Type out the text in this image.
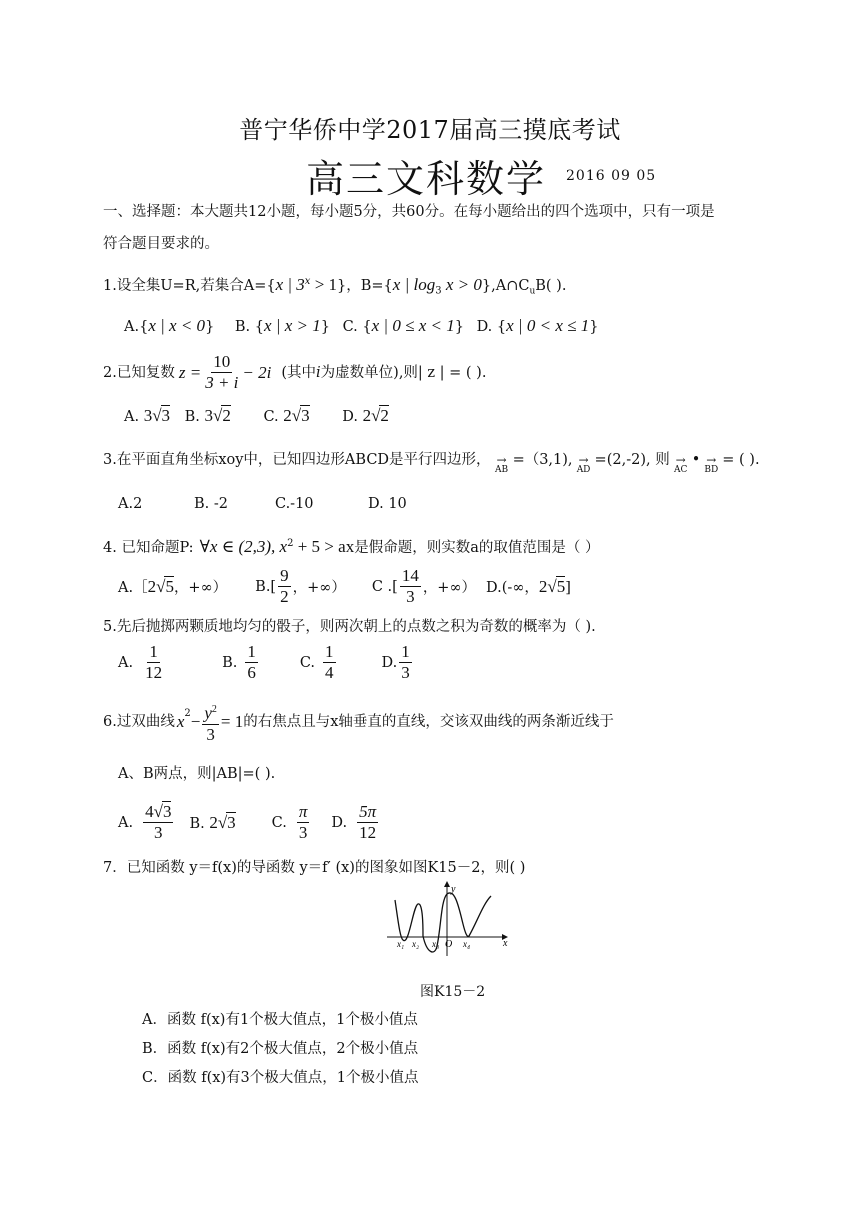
普宁华侨中学2017届高三摸底考试
高三文科数学 2016 09 05
一、选择题：本大题共12小题，每小题5分，共60分。在每小题给出的四个选项中，只有一项是
符合题目要求的。
1.设全集U=R,若集合A={x | $3^x > 1$}，B={x | $\log_3 x$ > $0\},A\cap C_uB$( ).
A.{x | x < 0} B. {x | x > 1} C. {x | 0 ≤ x < 1} D. {x | 0 < x ≤ 1}
2.已知复数 $z = \frac{10}{3 + i} - 2i$ (其中 i 为虚数单位),则| z | = ( ).
A. 3√3 B. 3√2 C. 2√3 D. 2√2
3.在平面直角坐标xoy中，已知四边形ABCD是平行四边形， →
AB=（3,1), →
AD=(2,-2), 则 →
AC• →
BD= ( ).
A.2	B. -2	C.-10	D. 10
4. 已知命题P: ∀x ∈ (2,3), $x^2 + 5$ > ax是假命题，则实数a的取值范围是（ ）
A.［2√5，+∞） $B.[ \frac{9}{2}$ ，+∞） C .[ $\frac{14}{3}$ ，+∞） D.(-∞，2√5]
5.先后抛掷两颗质地均匀的骰子，则两次朝上的点数之积为奇数的概率为（ ).
A. $\frac{1}{12}$	B. $\frac{1}{6}$	C. $\frac{1}{4}$	D. $\frac{1}{3}$
6.过双曲线 $x^2 - \frac{y^2}{3} = 1$ 的右焦点且与x轴垂直的直线，交该双曲线的两条渐近线于
A、B两点，则|AB|=( ).
A. $\frac{4√3}{3} B$. 2√3 C. $\frac{\pi}{3} D$. $\frac{5\pi}{12}$
7．已知函数 y＝f(x)的导函数 y＝f′ (x)的图象如图K15－2，则( )
y
x
O
x₁ x₂ x₃	x₄
图K15－2
A．函数 f(x)有1个极大值点，1个极小值点
B．函数 f(x)有2个极大值点，2个极小值点
C．函数 f(x)有3个极大值点，1个极小值点
